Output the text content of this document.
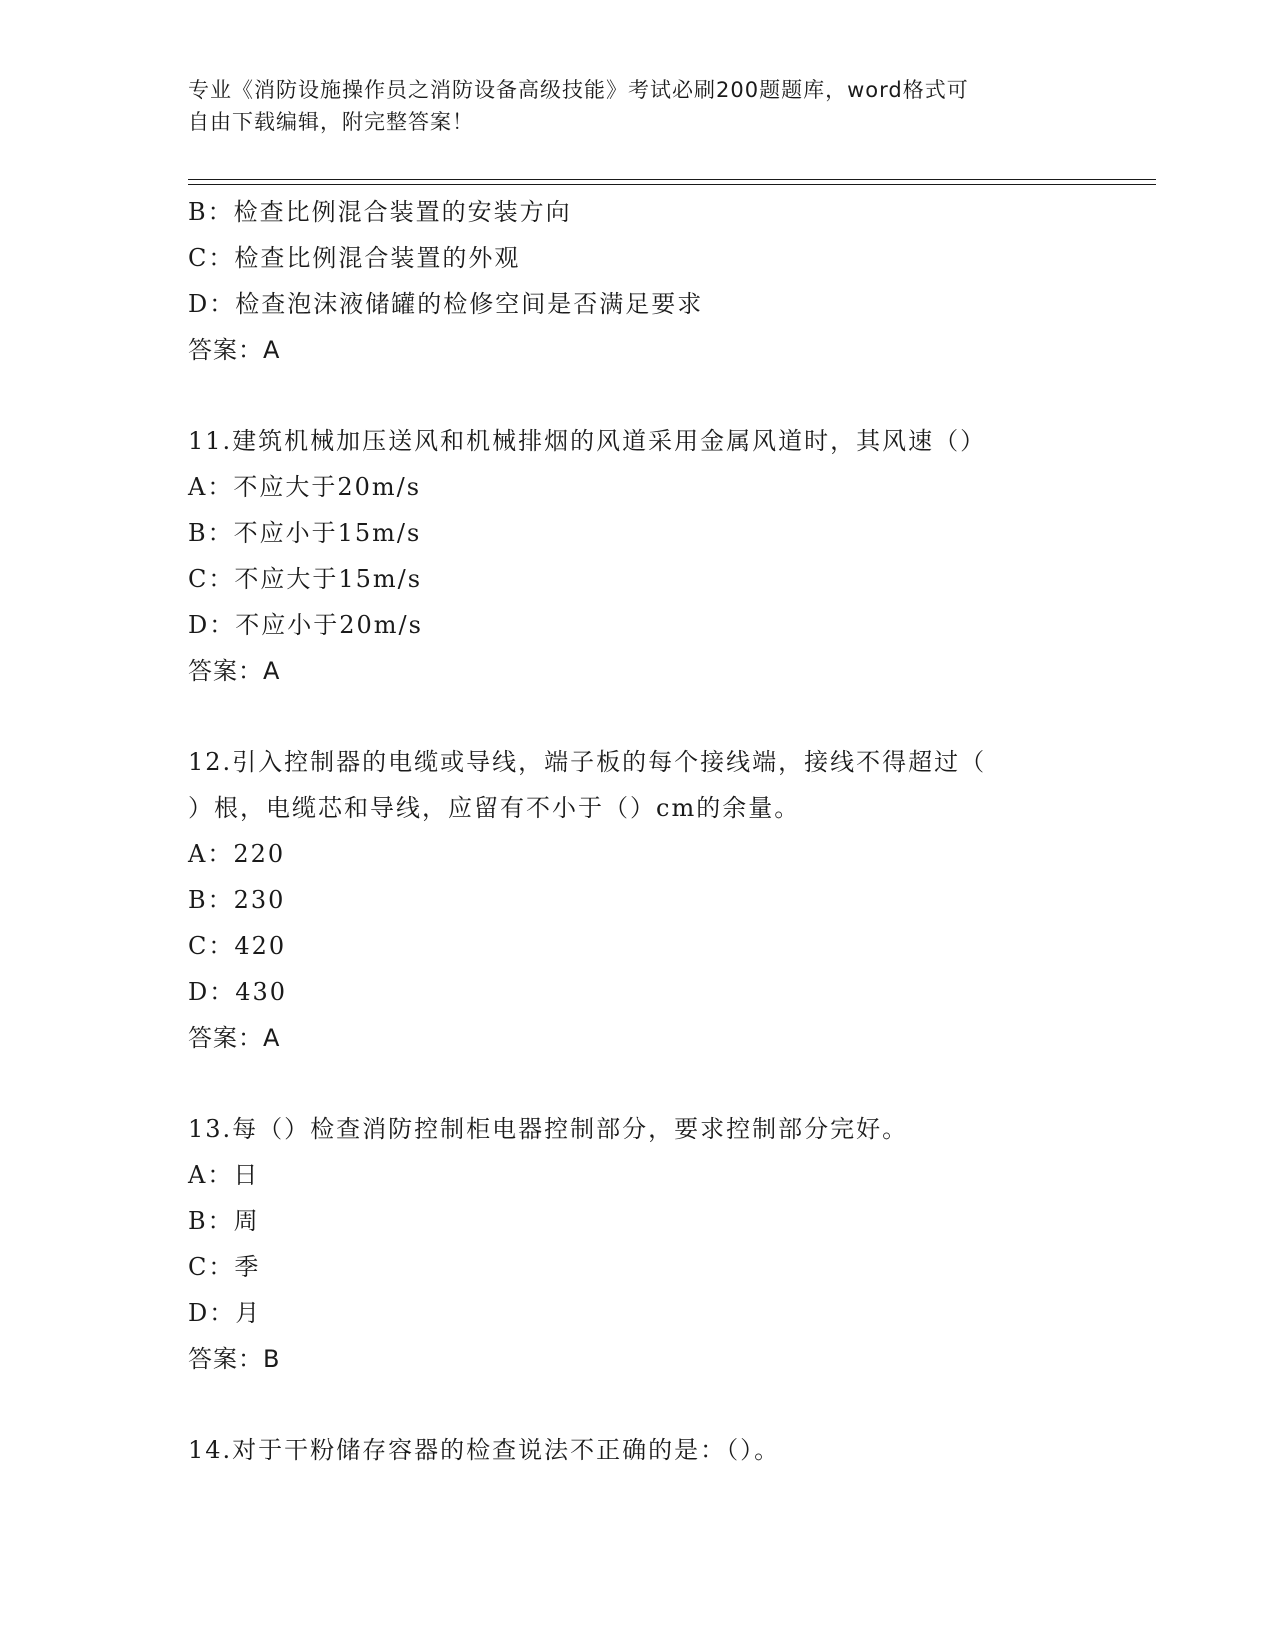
专业《消防设施操作员之消防设备高级技能》考试必刷200题题库，word格式可
自由下载编辑，附完整答案！
B：检查比例混合装置的安装方向
C：检查比例混合装置的外观
D：检查泡沫液储罐的检修空间是否满足要求
答案：A
11.建筑机械加压送风和机械排烟的风道采用金属风道时，其风速（）
A：不应大于20m/s
B：不应小于15m/s
C：不应大于15m/s
D：不应小于20m/s
答案：A
12.引入控制器的电缆或导线，端子板的每个接线端，接线不得超过（
）根，电缆芯和导线，应留有不小于（）cm的余量。
A：220
B：230
C：420
D：430
答案：A
13.每（）检查消防控制柜电器控制部分，要求控制部分完好。
A：日
B：周
C：季
D：月
答案：B
14.对于干粉储存容器的检查说法不正确的是：（）。
